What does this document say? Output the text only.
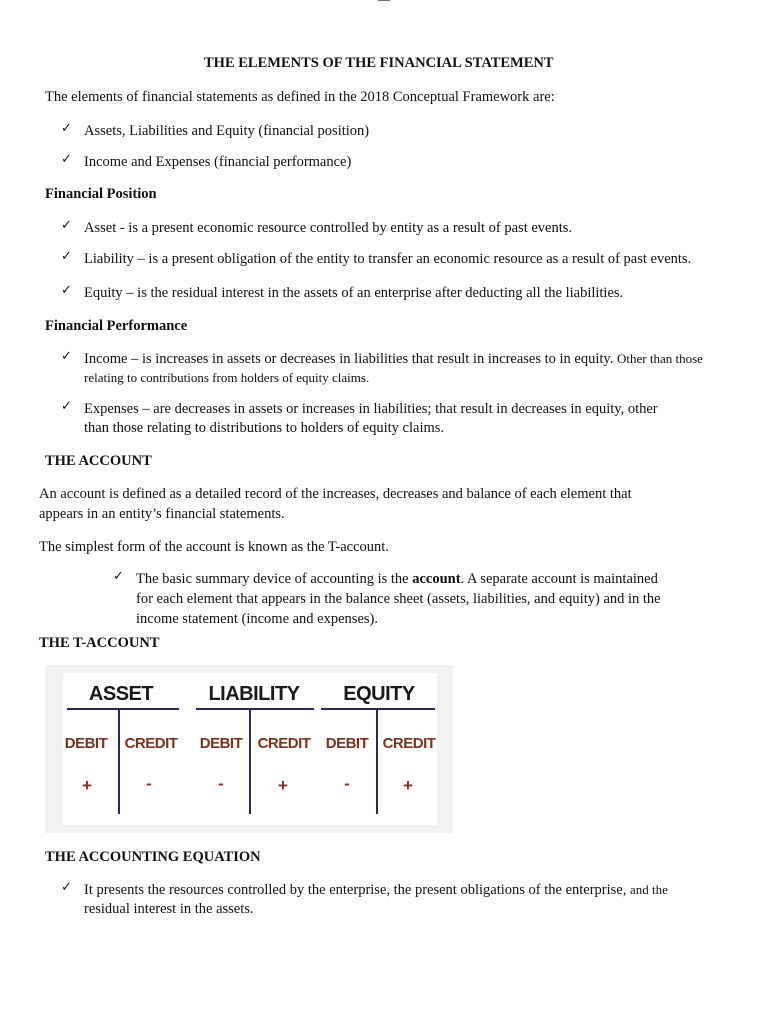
THE ELEMENTS OF THE FINANCIAL STATEMENT
The elements of financial statements as defined in the 2018 Conceptual Framework are:
✓ Assets, Liabilities and Equity (financial position)
✓ Income and Expenses (financial performance)
Financial Position
✓ Asset - is a present economic resource controlled by entity as a result of past events.
✓ Liability – is a present obligation of the entity to transfer an economic resource as a result of past events.
✓ Equity – is the residual interest in the assets of an enterprise after deducting all the liabilities.
Financial Performance
✓ Income – is increases in assets or decreases in liabilities that result in increases to in equity. Other than those
relating to contributions from holders of equity claims.
✓ Expenses – are decreases in assets or increases in liabilities; that result in decreases in equity, other
than those relating to distributions to holders of equity claims.
THE ACCOUNT
An account is defined as a detailed record of the increases, decreases and balance of each element that
appears in an entity’s financial statements.
The simplest form of the account is known as the T-account.
✓ The basic summary device of accounting is the account. A separate account is maintained
for each element that appears in the balance sheet (assets, liabilities, and equity) and in the
income statement (income and expenses).
THE T-ACCOUNT
ASSET
DEBIT CREDIT
+	-
LIABILITY
DEBIT CREDIT
-	+
EQUITY
DEBIT CREDIT
-	+
THE ACCOUNTING EQUATION
✓ It presents the resources controlled by the enterprise, the present obligations of the enterprise, and the
residual interest in the assets.
